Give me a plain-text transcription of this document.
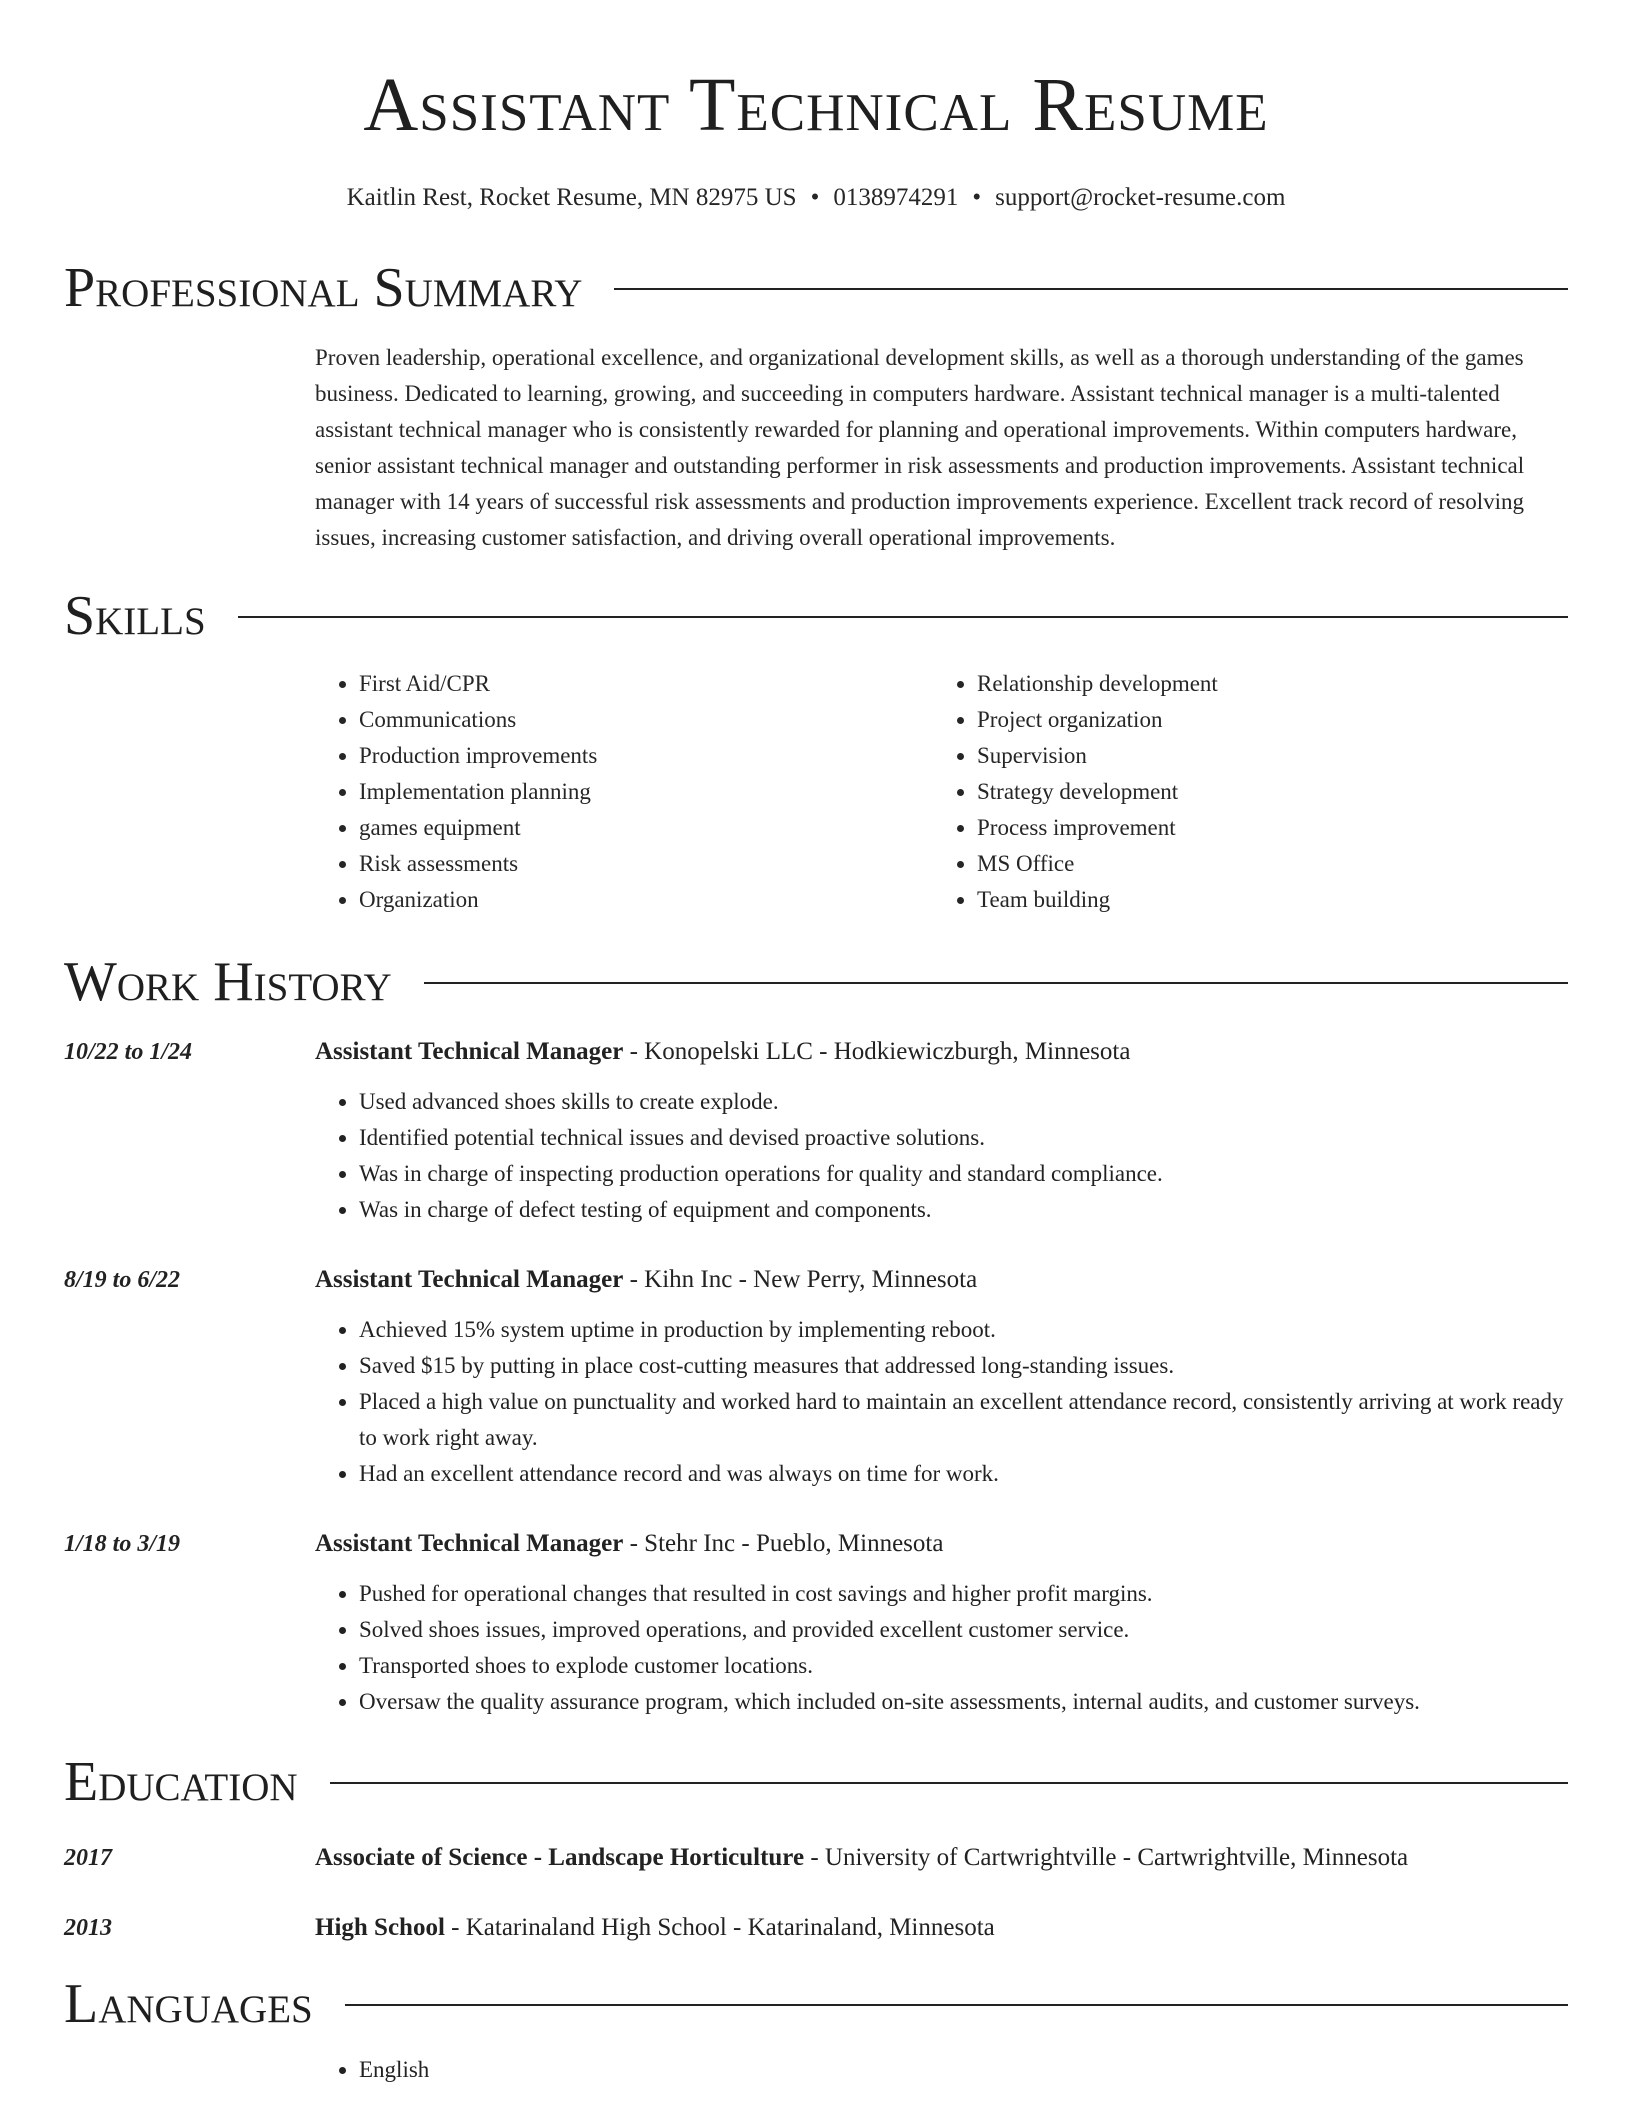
Assistant Technical Resume
Kaitlin Rest, Rocket Resume, MN 82975 US • 0138974291 • support@rocket-resume.com
Professional Summary
Proven leadership, operational excellence, and organizational development skills, as well as a thorough understanding of the games business. Dedicated to learning, growing, and succeeding in computers hardware. Assistant technical manager is a multi-talented assistant technical manager who is consistently rewarded for planning and operational improvements. Within computers hardware, senior assistant technical manager and outstanding performer in risk assessments and production improvements. Assistant technical manager with 14 years of successful risk assessments and production improvements experience. Excellent track record of resolving issues, increasing customer satisfaction, and driving overall operational improvements.
Skills
• First Aid/CPR
• Communications
• Production improvements
• Implementation planning
• games equipment
• Risk assessments
• Organization
• Relationship development
• Project organization
• Supervision
• Strategy development
• Process improvement
• MS Office
• Team building
Work History
10/22 to 1/24	Assistant Technical Manager - Konopelski LLC - Hodkiewiczburgh, Minnesota
• Used advanced shoes skills to create explode.
• Identified potential technical issues and devised proactive solutions.
• Was in charge of inspecting production operations for quality and standard compliance.
• Was in charge of defect testing of equipment and components.
8/19 to 6/22	Assistant Technical Manager - Kihn Inc - New Perry, Minnesota
• Achieved 15% system uptime in production by implementing reboot.
• Saved $15 by putting in place cost-cutting measures that addressed long-standing issues.
• Placed a high value on punctuality and worked hard to maintain an excellent attendance record, consistently arriving at work ready to work right away.
• Had an excellent attendance record and was always on time for work.
1/18 to 3/19	Assistant Technical Manager - Stehr Inc - Pueblo, Minnesota
• Pushed for operational changes that resulted in cost savings and higher profit margins.
• Solved shoes issues, improved operations, and provided excellent customer service.
• Transported shoes to explode customer locations.
• Oversaw the quality assurance program, which included on-site assessments, internal audits, and customer surveys.
Education
2017	Associate of Science - Landscape Horticulture - University of Cartwrightville - Cartwrightville, Minnesota
2013	High School - Katarinaland High School - Katarinaland, Minnesota
Languages
• English
